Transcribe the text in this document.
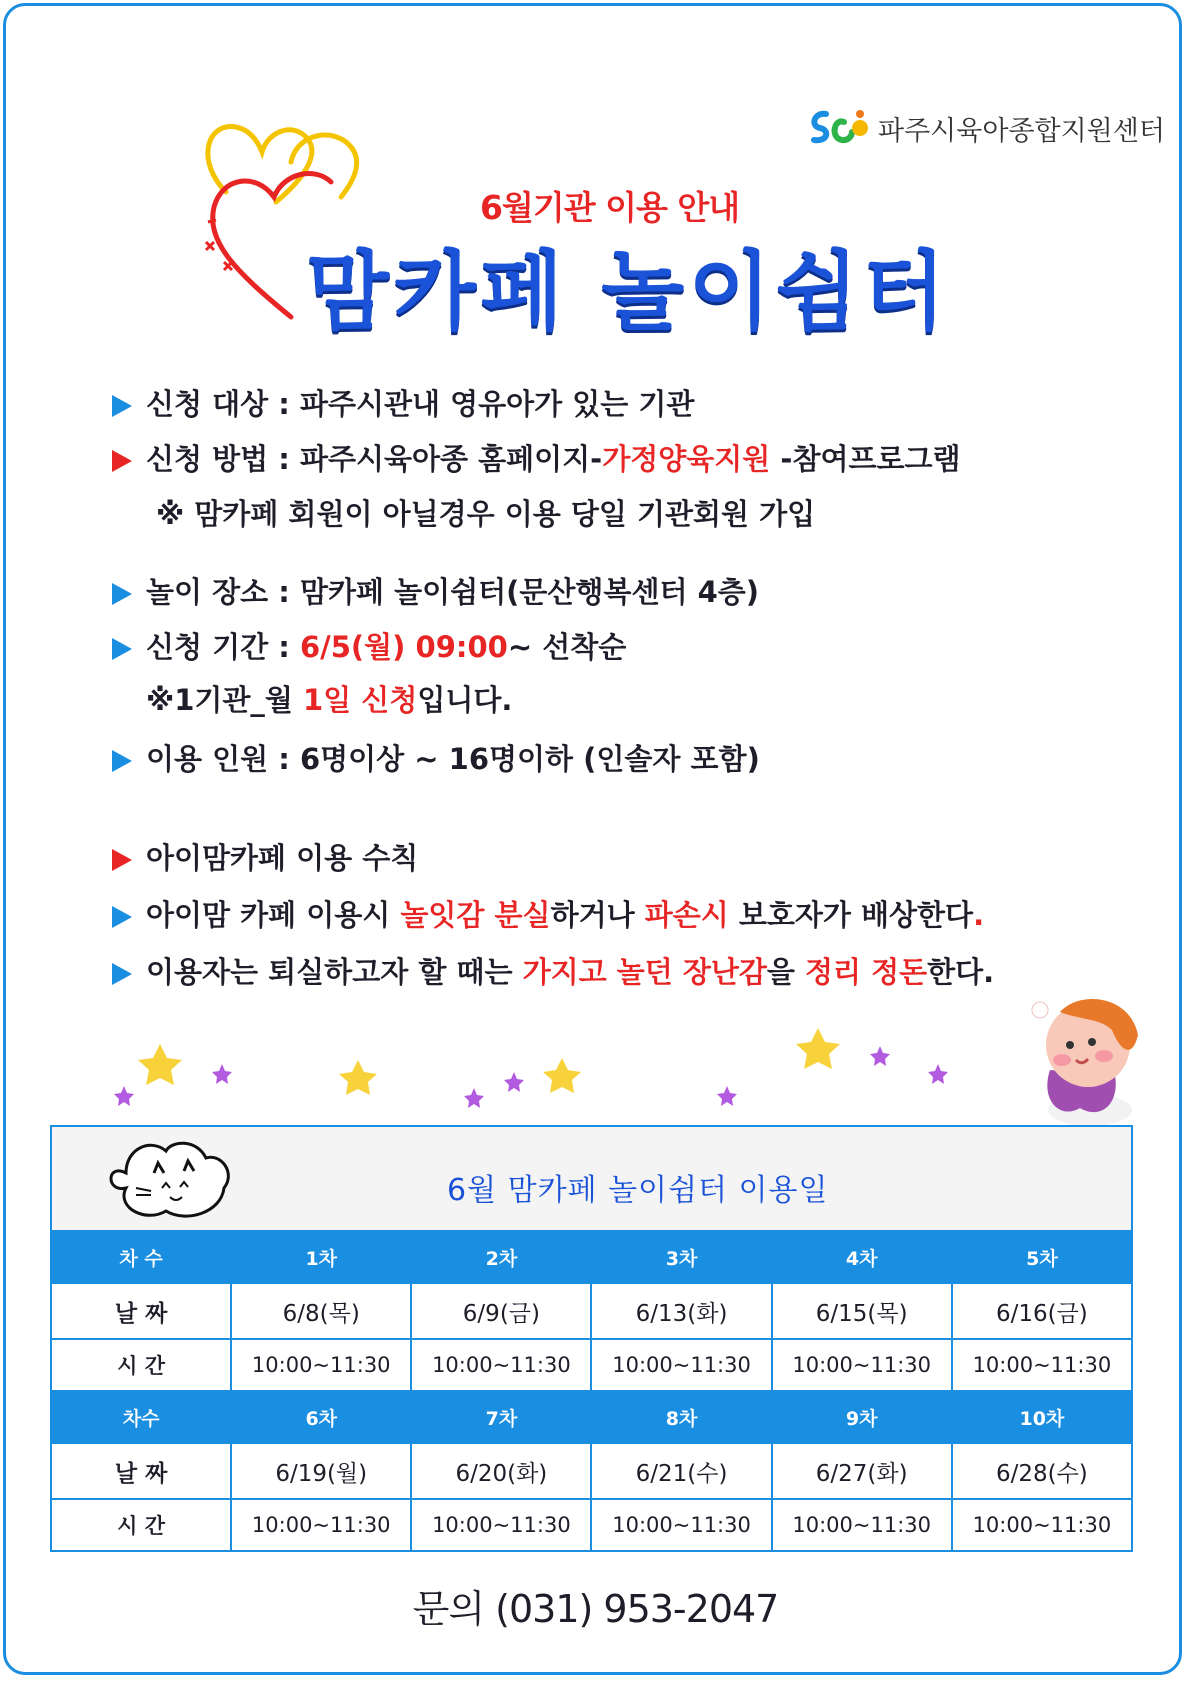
파주시육아종합지원센터
6월기관 이용 안내
맘카페 놀이쉼터
신청 대상 : 파주시관내 영유아가 있는 기관
신청 방법 : 파주시육아종 홈페이지-가정양육지원 -참여프로그램
※ 맘카페 회원이 아닐경우 이용 당일 기관회원 가입
놀이 장소 : 맘카페 놀이쉼터(문산행복센터 4층)
신청 기간 : 6/5(월) 09:00~ 선착순
※1기관_월 1일 신청입니다.
이용 인원 : 6명이상 ~ 16명이하 (인솔자 포함)
아이맘카페 이용 수칙
아이맘 카페 이용시 놀잇감 분실하거나 파손시 보호자가 배상한다.
이용자는 퇴실하고자 할 때는 가지고 놀던 장난감을 정리 정돈한다.
6월 맘카페 놀이쉼터 이용일					

차 수	1차	2차	3차	4차	5차
날 짜	6/8(목)	6/9(금)	6/13(화)	6/15(목)	6/16(금)
시 간	10:00~11:30	10:00~11:30	10:00~11:30	10:00~11:30	10:00~11:30
차수	6차	7차	8차	9차	10차
날 짜	6/19(월)	6/20(화)	6/21(수)	6/27(화)	6/28(수)
시 간	10:00~11:30	10:00~11:30	10:00~11:30	10:00~11:30	10:00~11:30
문의 (031) 953-2047
